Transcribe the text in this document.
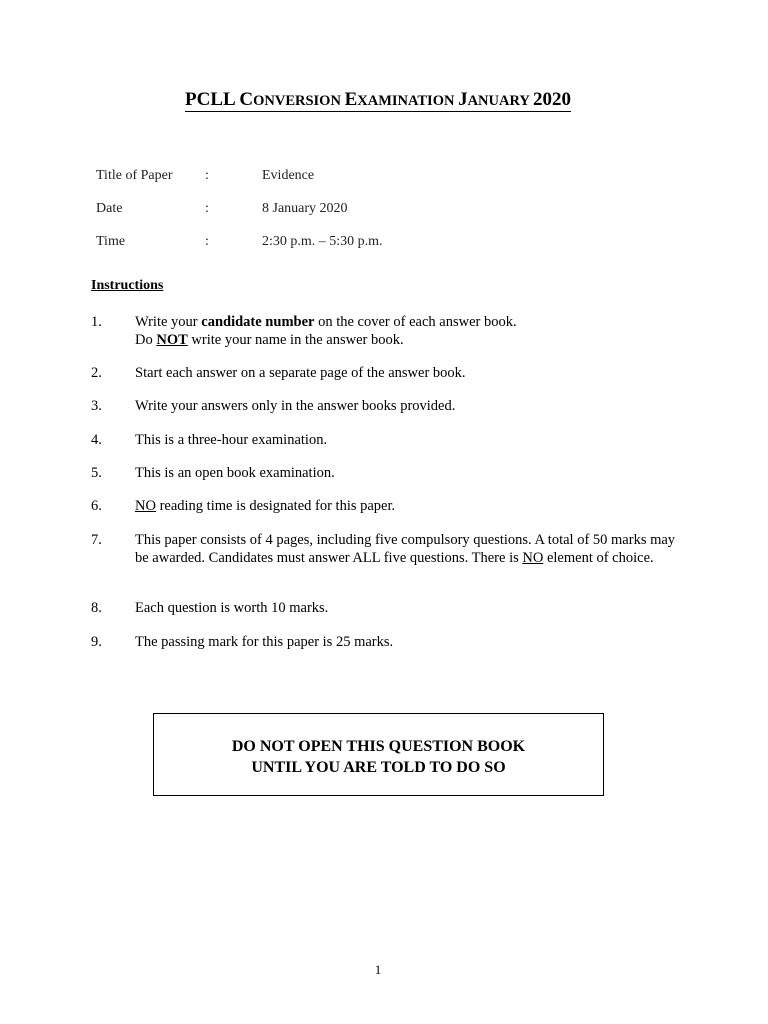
PCLL CONVERSION EXAMINATION JANUARY 2020
Title of Paper	:	Evidence
Date	:	8 January 2020
Time	:	2:30 p.m. – 5:30 p.m.
Instructions
1. Write your candidate number on the cover of each answer book.
Do NOT write your name in the answer book.
2. Start each answer on a separate page of the answer book.
3. Write your answers only in the answer books provided.
4. This is a three-hour examination.
5. This is an open book examination.
6. NO reading time is designated for this paper.
7. This paper consists of 4 pages, including five compulsory questions. A total of 50 marks may be awarded. Candidates must answer ALL five questions. There is NO element of choice.
8. Each question is worth 10 marks.
9. The passing mark for this paper is 25 marks.
DO NOT OPEN THIS QUESTION BOOK
UNTIL YOU ARE TOLD TO DO SO
1
